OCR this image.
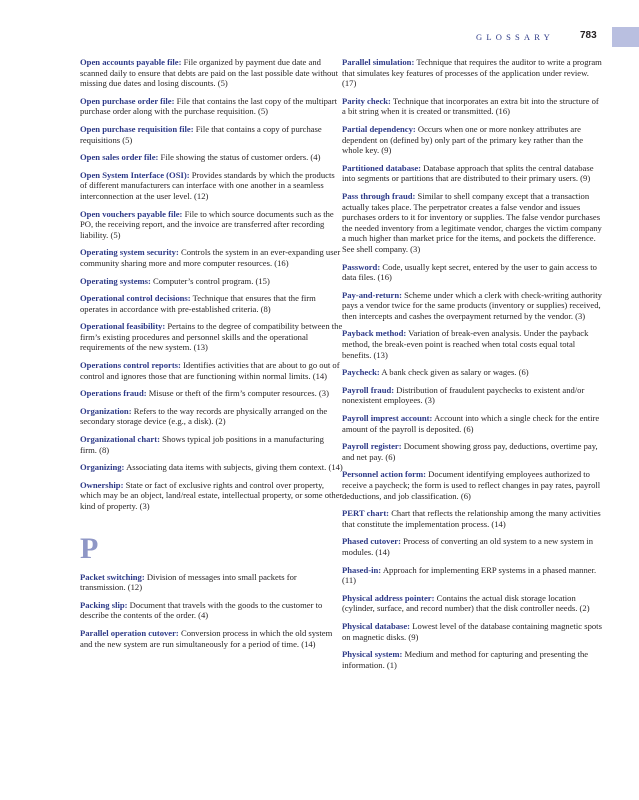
GLOSSARY	783

Open accounts payable file: File organized by payment due date and scanned daily to ensure that debts are paid on the last possible date without missing due dates and losing discounts. (5)

Open purchase order file: File that contains the last copy of the multipart purchase order along with the purchase requisition. (5)

Open purchase requisition file: File that contains a copy of purchase requisitions (5)

Open sales order file: File showing the status of customer orders. (4)

Open System Interface (OSI): Provides standards by which the products of different manufacturers can interface with one another in a seamless interconnection at the user level. (12)

Open vouchers payable file: File to which source documents such as the PO, the receiving report, and the invoice are transferred after recording liability. (5)

Operating system security: Controls the system in an ever-expanding user community sharing more and more computer resources. (16)

Operating systems: Computer’s control program. (15)

Operational control decisions: Technique that ensures that the firm operates in accordance with pre-established criteria. (8)

Operational feasibility: Pertains to the degree of compatibility between the firm’s existing procedures and personnel skills and the operational requirements of the new system. (13)

Operations control reports: Identifies activities that are about to go out of control and ignores those that are functioning within normal limits. (14)

Operations fraud: Misuse or theft of the firm’s computer resources. (3)

Organization: Refers to the way records are physically arranged on the secondary storage device (e.g., a disk). (2)

Organizational chart: Shows typical job positions in a manufacturing firm. (8)

Organizing: Associating data items with subjects, giving them context. (14)

Ownership: State or fact of exclusive rights and control over property, which may be an object, land/real estate, intellectual property, or some other kind of property. (3)

P

Packet switching: Division of messages into small packets for transmission. (12)

Packing slip: Document that travels with the goods to the customer to describe the contents of the order. (4)

Parallel operation cutover: Conversion process in which the old system and the new system are run simultaneously for a period of time. (14)

Parallel simulation: Technique that requires the auditor to write a program that simulates key features of processes of the application under review. (17)

Parity check: Technique that incorporates an extra bit into the structure of a bit string when it is created or transmitted. (16)

Partial dependency: Occurs when one or more nonkey attributes are dependent on (defined by) only part of the primary key rather than the whole key. (9)

Partitioned database: Database approach that splits the central database into segments or partitions that are distributed to their primary users. (9)

Pass through fraud: Similar to shell company except that a transaction actually takes place. The perpetrator creates a false vendor and issues purchases orders to it for inventory or supplies. The false vendor purchases the needed inventory from a legitimate vendor, charges the victim company a much higher than market price for the items, and pockets the difference. See shell company. (3)

Password: Code, usually kept secret, entered by the user to gain access to data files. (16)

Pay-and-return: Scheme under which a clerk with check-writing authority pays a vendor twice for the same products (inventory or supplies) received, then intercepts and cashes the overpayment returned by the vendor. (3)

Payback method: Variation of break-even analysis. Under the payback method, the break-even point is reached when total costs equal total benefits. (13)

Paycheck: A bank check given as salary or wages. (6)

Payroll fraud: Distribution of fraudulent paychecks to existent and/or nonexistent employees. (3)

Payroll imprest account: Account into which a single check for the entire amount of the payroll is deposited. (6)

Payroll register: Document showing gross pay, deductions, overtime pay, and net pay. (6)

Personnel action form: Document identifying employees authorized to receive a paycheck; the form is used to reflect changes in pay rates, payroll deductions, and job classification. (6)

PERT chart: Chart that reflects the relationship among the many activities that constitute the implementation process. (14)

Phased cutover: Process of converting an old system to a new system in modules. (14)

Phased-in: Approach for implementing ERP systems in a phased manner. (11)

Physical address pointer: Contains the actual disk storage location (cylinder, surface, and record number) that the disk controller needs. (2)

Physical database: Lowest level of the database containing magnetic spots on magnetic disks. (9)

Physical system: Medium and method for capturing and presenting the information. (1)
